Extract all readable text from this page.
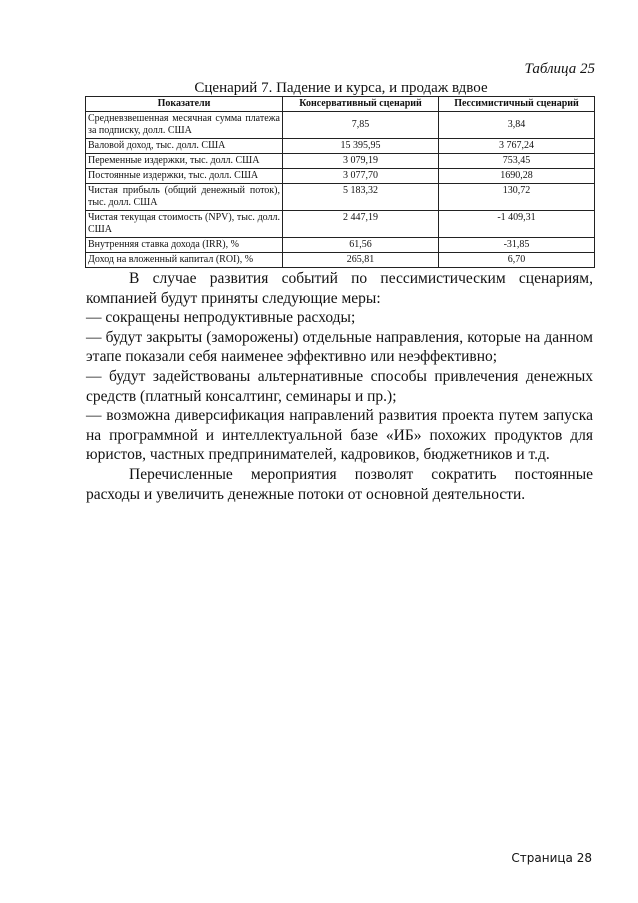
Таблица 25
Сценарий 7. Падение и курса, и продаж вдвое
Показатели	Консервативный сценарий	Пессимистичный сценарий
Средневзвешенная месячная сумма платежа за подписку, долл. США	7,85	3,84
Валовой доход, тыс. долл. США	15 395,95	3 767,24
Переменные издержки, тыс. долл. США	3 079,19	753,45
Постоянные издержки, тыс. долл. США	3 077,70	1690,28
Чистая прибыль (общий денежный поток), тыс. долл. США	5 183,32	130,72
Чистая текущая стоимость (NPV), тыс. долл. США	2 447,19	-1 409,31
Внутренняя ставка дохода (IRR), %	61,56	-31,85
Доход на вложенный капитал (ROI), %	265,81	6,70

В случае развития событий по пессимистическим сценариям, компанией будут приняты следующие меры:

— сокращены непродуктивные расходы;

— будут закрыты (заморожены) отдельные направления, которые на данном этапе показали себя наименее эффективно или неэффективно;

— будут задействованы альтернативные способы привлечения денежных средств (платный консалтинг, семинары и пр.);

— возможна диверсификация направлений развития проекта путем запуска на программной и интеллектуальной базе «ИБ» похожих продуктов для юристов, частных предпринимателей, кадровиков, бюджетников и т.д.

Перечисленные мероприятия позволят сократить постоянные расходы и увеличить денежные потоки от основной деятельности.

Страница 28
